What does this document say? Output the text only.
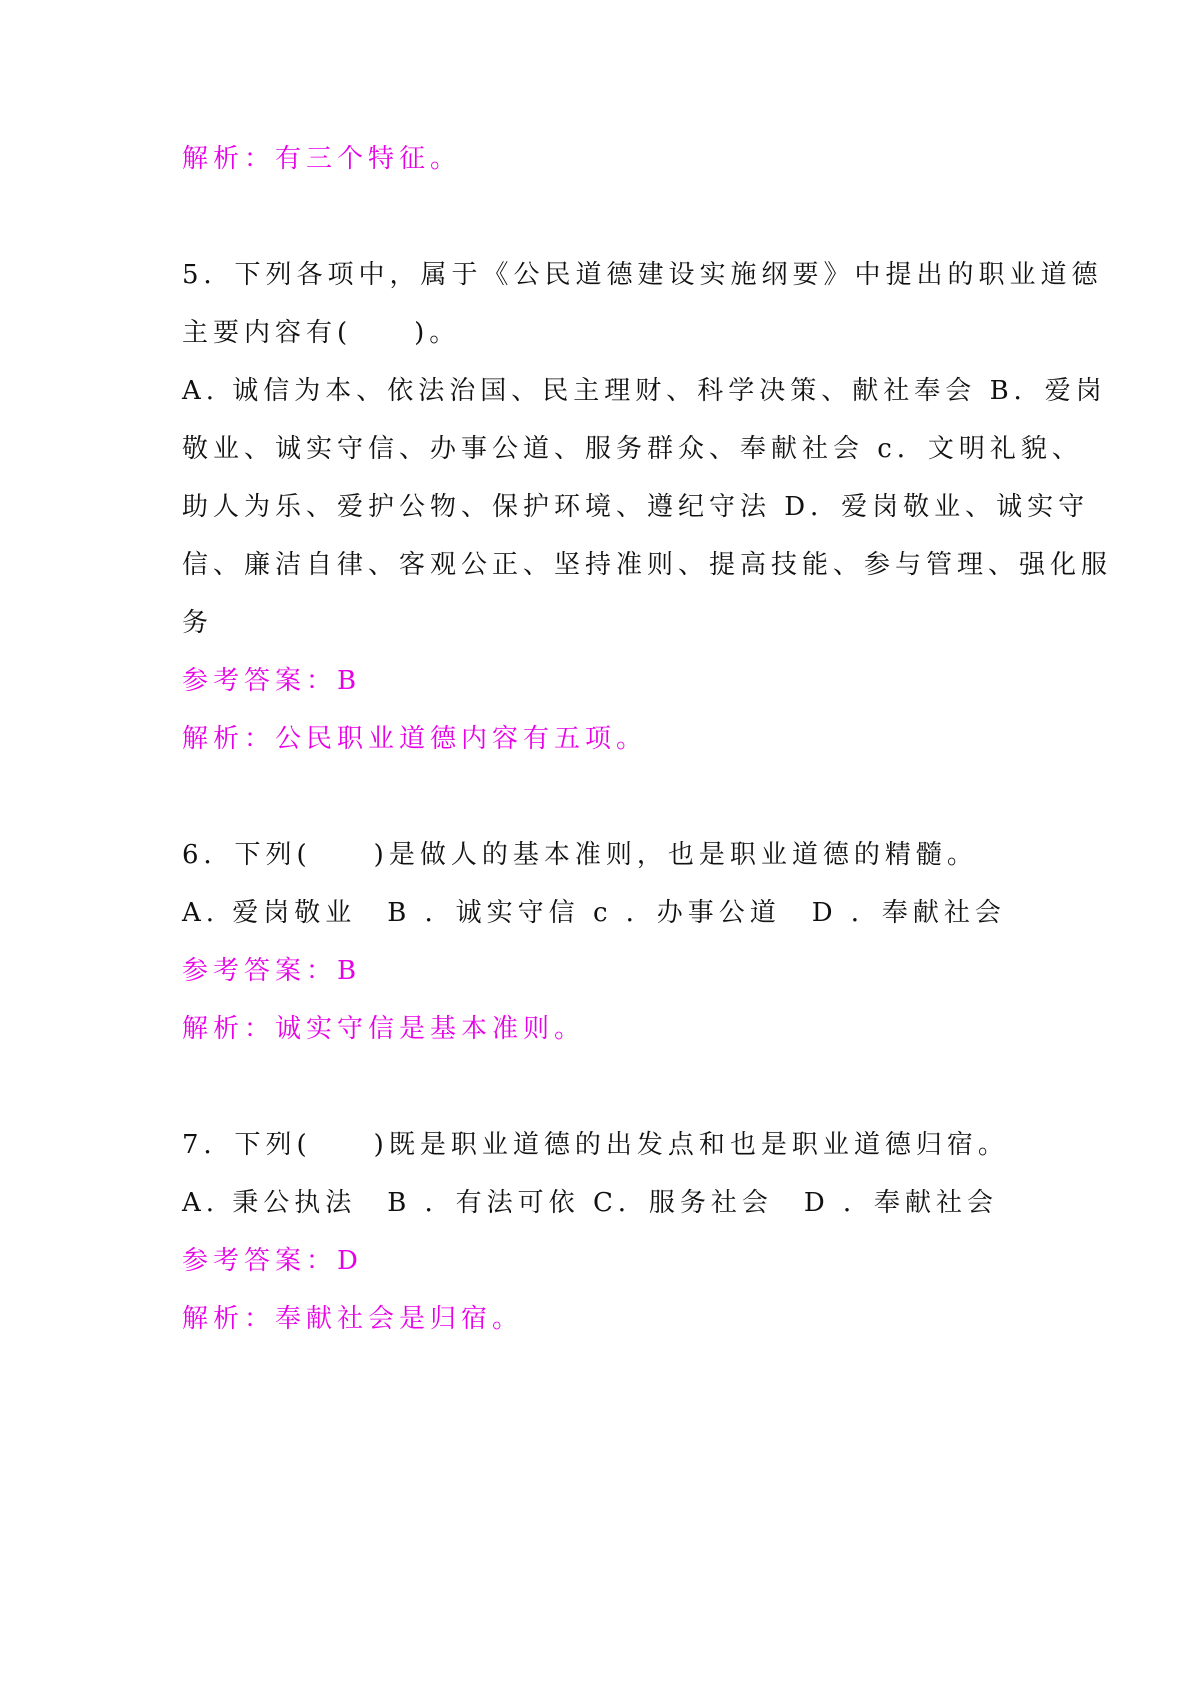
解析：有三个特征。
5．下列各项中，属于《公民道德建设实施纲要》中提出的职业道德
主要内容有(　　)。
A. 诚信为本、依法治国、民主理财、科学决策、献社奉会 B．爱岗
敬业、诚实守信、办事公道、服务群众、奉献社会 c．文明礼貌、
助人为乐、爱护公物、保护环境、遵纪守法 D．爱岗敬业、诚实守
信、廉洁自律、客观公正、坚持准则、提高技能、参与管理、强化服
务
参考答案：B
解析：公民职业道德内容有五项。
6．下列(　　)是做人的基本准则，也是职业道德的精髓。
A. 爱岗敬业　B ．诚实守信 c ．办事公道　D ．奉献社会
参考答案：B
解析：诚实守信是基本准则。
7．下列(　　)既是职业道德的出发点和也是职业道德归宿。
A. 秉公执法　B ．有法可依 C．服务社会　D ．奉献社会
参考答案：D
解析：奉献社会是归宿。
